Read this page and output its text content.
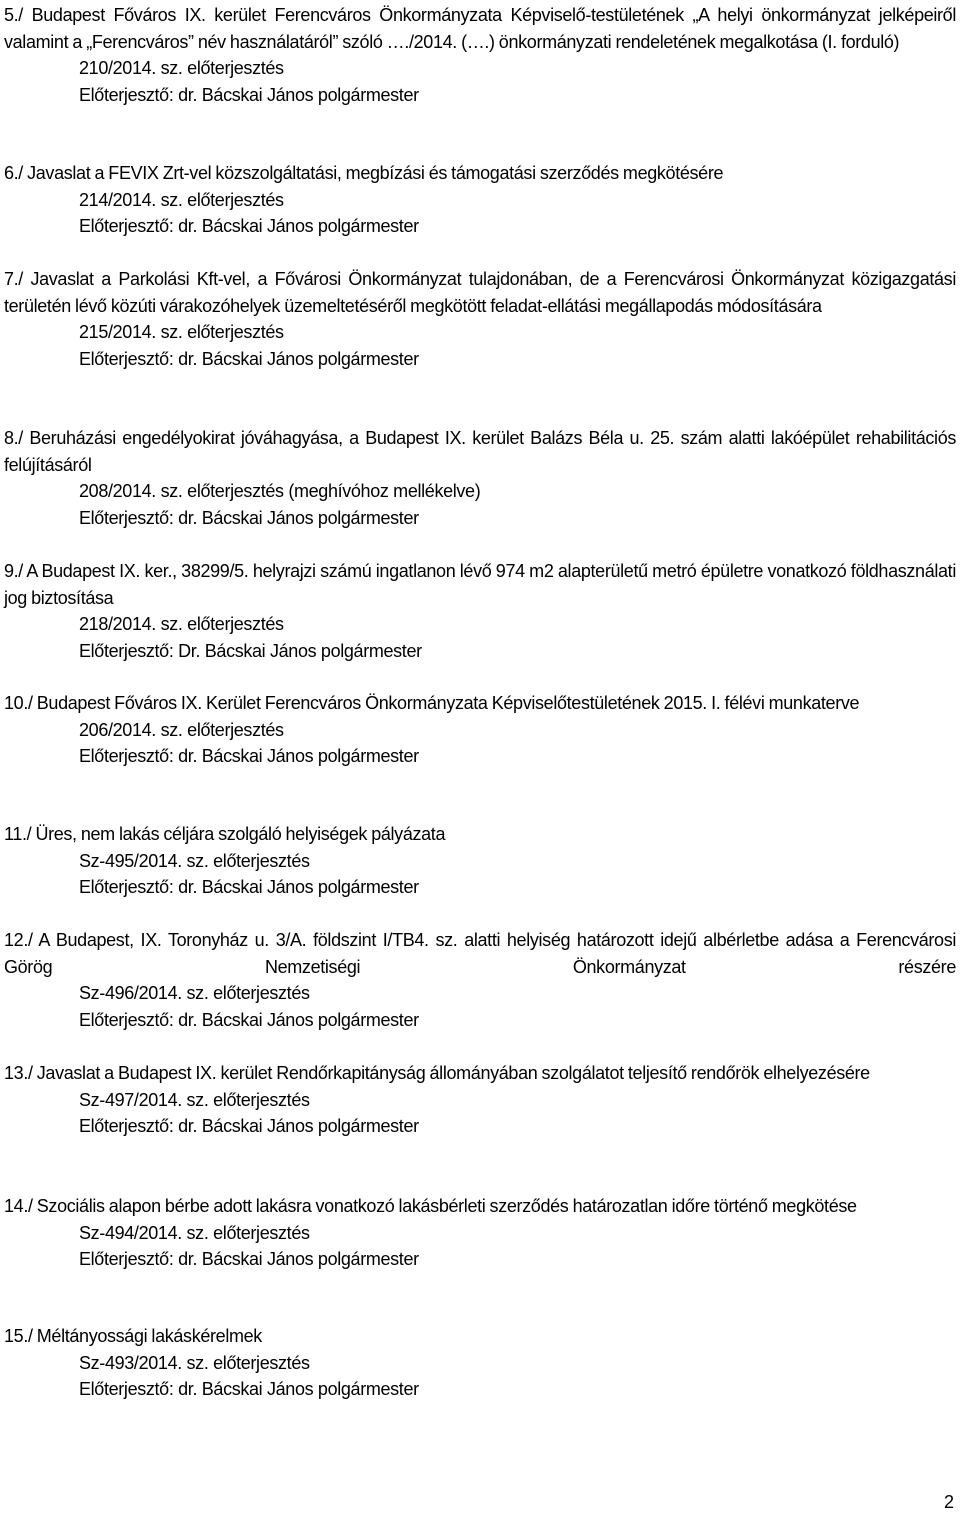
5./ Budapest Főváros IX. kerület Ferencváros Önkormányzata Képviselő-testületének „A helyi önkormányzat jelképeiről valamint a „Ferencváros” név használatáról” szóló …./2014. (….) önkormányzati rendeletének megalkotása (I. forduló)
210/2014. sz. előterjesztés
Előterjesztő: dr. Bácskai János polgármester
6./ Javaslat a FEVIX Zrt-vel közszolgáltatási, megbízási és támogatási szerződés megkötésére
214/2014. sz. előterjesztés
Előterjesztő: dr. Bácskai János polgármester
7./ Javaslat a Parkolási Kft-vel, a Fővárosi Önkormányzat tulajdonában, de a Ferencvárosi Önkormányzat közigazgatási területén lévő közúti várakozóhelyek üzemeltetéséről megkötött feladat-ellátási megállapodás módosítására
215/2014. sz. előterjesztés
Előterjesztő: dr. Bácskai János polgármester
8./ Beruházási engedélyokirat jóváhagyása, a Budapest IX. kerület Balázs Béla u. 25. szám alatti lakóépület rehabilitációs felújításáról
208/2014. sz. előterjesztés (meghívóhoz mellékelve)
Előterjesztő: dr. Bácskai János polgármester
9./ A Budapest IX. ker., 38299/5. helyrajzi számú ingatlanon lévő 974 m2 alapterületű metró épületre vonatkozó földhasználati jog biztosítása
218/2014. sz. előterjesztés
Előterjesztő: Dr. Bácskai János polgármester
10./ Budapest Főváros IX. Kerület Ferencváros Önkormányzata Képviselőtestületének 2015. I. félévi munkaterve
206/2014. sz. előterjesztés
Előterjesztő: dr. Bácskai János polgármester
11./ Üres, nem lakás céljára szolgáló helyiségek pályázata
Sz-495/2014. sz. előterjesztés
Előterjesztő: dr. Bácskai János polgármester
12./ A Budapest, IX. Toronyház u. 3/A. földszint I/TB4. sz. alatti helyiség határozott idejű albérletbe adása a Ferencvárosi Görög Nemzetiségi Önkormányzat részére
Sz-496/2014. sz. előterjesztés
Előterjesztő: dr. Bácskai János polgármester
13./ Javaslat a Budapest IX. kerület Rendőrkapitányság állományában szolgálatot teljesítő rendőrök elhelyezésére
Sz-497/2014. sz. előterjesztés
Előterjesztő: dr. Bácskai János polgármester
14./ Szociális alapon bérbe adott lakásra vonatkozó lakásbérleti szerződés határozatlan időre történő megkötése
Sz-494/2014. sz. előterjesztés
Előterjesztő: dr. Bácskai János polgármester
15./ Méltányossági lakáskérelmek
Sz-493/2014. sz. előterjesztés
Előterjesztő: dr. Bácskai János polgármester
2
